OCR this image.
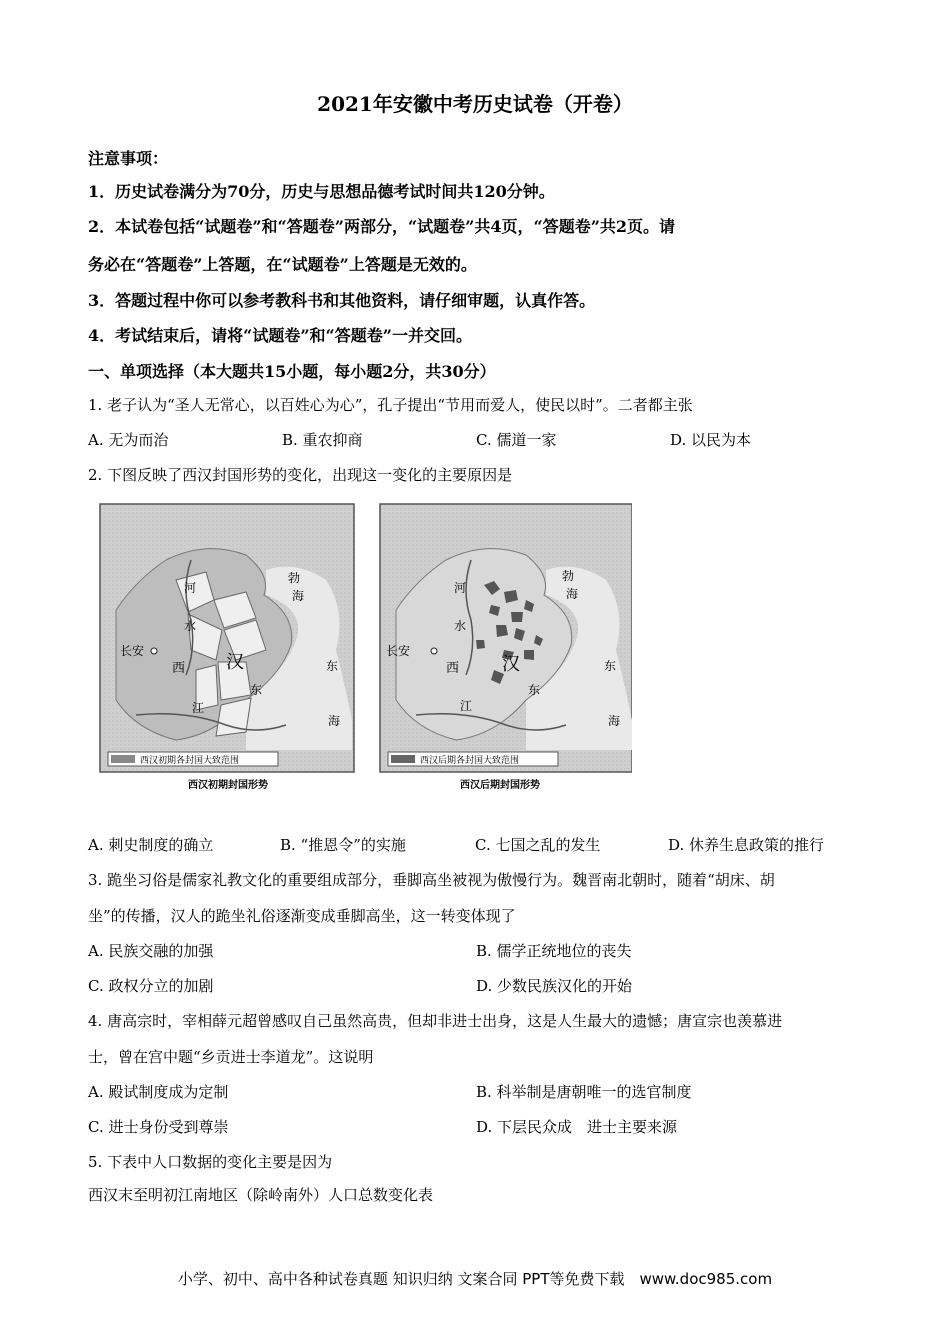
2021年安徽中考历史试卷（开卷）
注意事项：
1．历史试卷满分为70分，历史与思想品德考试时间共120分钟。
2．本试卷包括“试题卷”和“答题卷”两部分，“试题卷”共4页，“答题卷”共2页。请
务必在“答题卷”上答题，在“试题卷”上答题是无效的。
3．答题过程中你可以参考教科书和其他资料，请仔细审题，认真作答。
4．考试结束后，请将“试题卷”和“答题卷”一并交回。
一、单项选择（本大题共15小题，每小题2分，共30分）
1. 老子认为“圣人无常心，以百姓心为心”，孔子提出“节用而爱人，使民以时”。二者都主张
A. 无为而治	B. 重农抑商	C. 儒道一家	D. 以民为本
2. 下图反映了西汉封国形势的变化，出现这一变化的主要原因是
河
水
长安
西 汉
东
江
勃
海
东
海
西汉初期各封国大致范围
西汉初期封国形势
河
水
长安
西 汉
东
江
勃
海
东
海
西汉后期各封国大致范围
西汉后期封国形势
A. 刺史制度的确立	B. “推恩令”的实施	C. 七国之乱的发生	D. 休养生息政策的推行
3. 跪坐习俗是儒家礼教文化的重要组成部分，垂脚高坐被视为傲慢行为。魏晋南北朝时，随着“胡床、胡
坐”的传播，汉人的跪坐礼俗逐渐变成垂脚高坐，这一转变体现了
A. 民族交融的加强	B. 儒学正统地位的丧失
C. 政权分立的加剧	D. 少数民族汉化的开始
4. 唐高宗时，宰相薛元超曾感叹自己虽然高贵，但却非进士出身，这是人生最大的遗憾；唐宣宗也羡慕进
士，曾在宫中题“乡贡进士李道龙”。这说明
A. 殿试制度成为定制	B. 科举制是唐朝唯一的选官制度
C. 进士身份受到尊崇	D. 下层民众成　进士主要来源
5. 下表中人口数据的变化主要是因为
西汉末至明初江南地区（除岭南外）人口总数变化表
小学、初中、高中各种试卷真题 知识归纳 文案合同 PPT等免费下载　www.doc985.com
